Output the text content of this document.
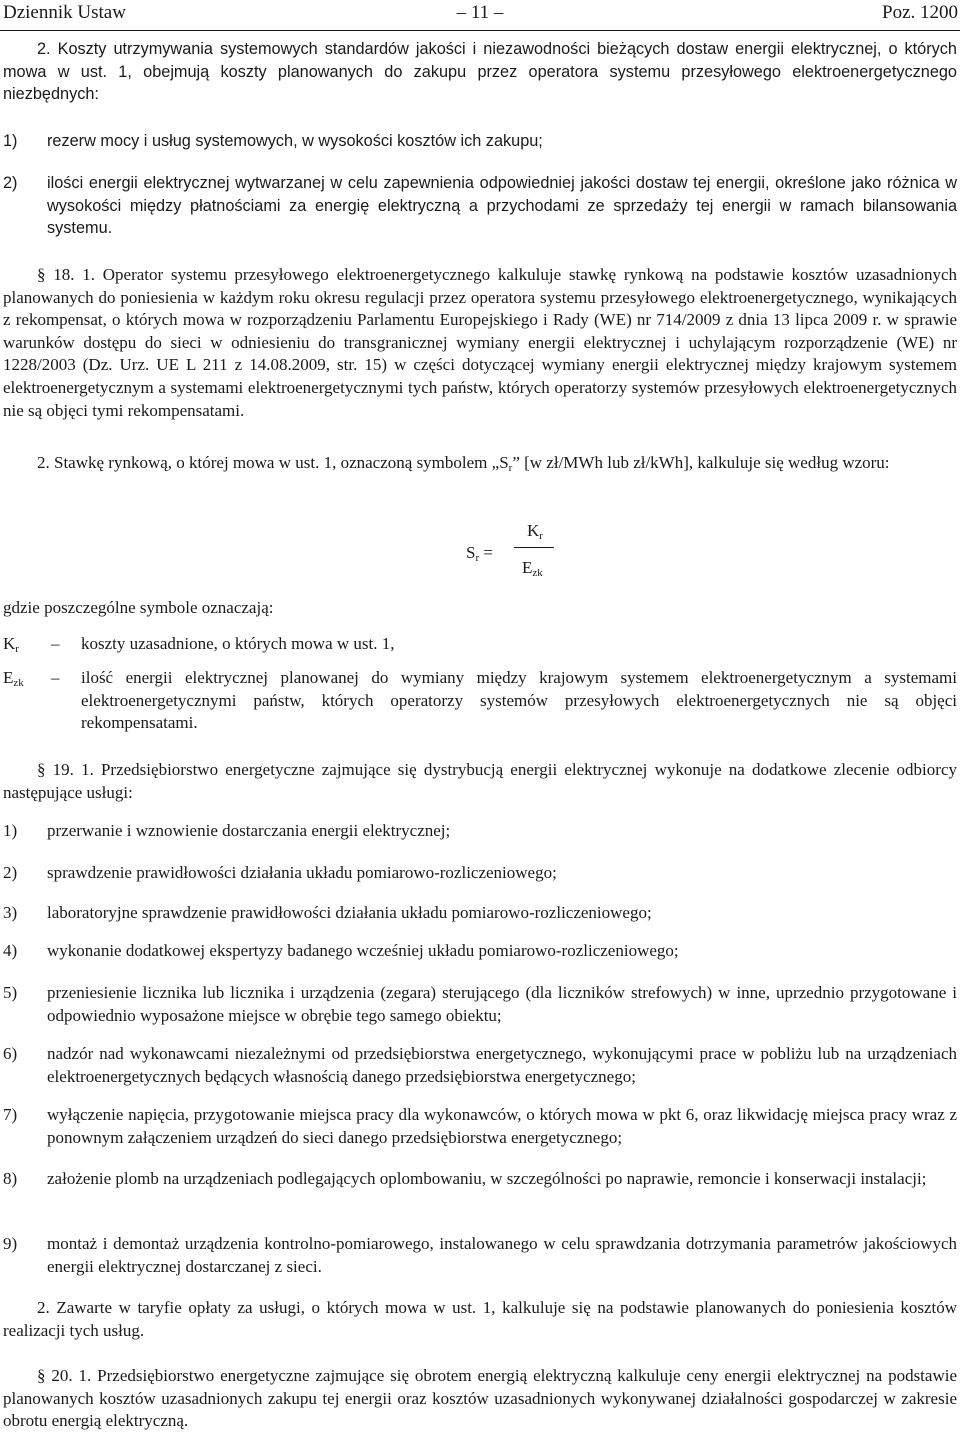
Dziennik Ustaw	– 11 –	Poz. 1200

2. Koszty utrzymywania systemowych standardów jakości i niezawodności bieżących dostaw energii elektrycznej, o których mowa w ust. 1, obejmują koszty planowanych do zakupu przez operatora systemu przesyłowego elektroenergetycznego niezbędnych:

1) rezerw mocy i usług systemowych, w wysokości kosztów ich zakupu;
2) ilości energii elektrycznej wytwarzanej w celu zapewnienia odpowiedniej jakości dostaw tej energii, określone jako różnica w wysokości między płatnościami za energię elektryczną a przychodami ze sprzedaży tej energii w ramach bilansowania systemu.

§ 18. 1. Operator systemu przesyłowego elektroenergetycznego kalkuluje stawkę rynkową na podstawie kosztów uzasadnionych planowanych do poniesienia w każdym roku okresu regulacji przez operatora systemu przesyłowego elektroenergetycznego, wynikających z rekompensat, o których mowa w rozporządzeniu Parlamentu Europejskiego i Rady (WE) nr 714/2009 z dnia 13 lipca 2009 r. w sprawie warunków dostępu do sieci w odniesieniu do transgranicznej wymiany energii elektrycznej i uchylającym rozporządzenie (WE) nr 1228/2003 (Dz. Urz. UE L 211 z 14.08.2009, str. 15) w części dotyczącej wymiany energii elektrycznej między krajowym systemem elektroenergetycznym a systemami elektroenergetycznymi tych państw, których operatorzy systemów przesyłowych elektroenergetycznych nie są objęci tymi rekompensatami.

2. Stawkę rynkową, o której mowa w ust. 1, oznaczoną symbolem $„S_r$” [w zł/MWh lub zł/kWh], kalkuluje się według wzoru:

$S_r$ =
$K_r$
$E_{zk}$

gdzie poszczególne symbole oznaczają:

$K_r$ – koszty uzasadnione, o których mowa w ust. 1,
$E_{zk}$ – ilość energii elektrycznej planowanej do wymiany między krajowym systemem elektroenergetycznym a systemami elektroenergetycznymi państw, których operatorzy systemów przesyłowych elektroenergetycznych nie są objęci rekompensatami.

§ 19. 1. Przedsiębiorstwo energetyczne zajmujące się dystrybucją energii elektrycznej wykonuje na dodatkowe zlecenie odbiorcy następujące usługi:

1) przerwanie i wznowienie dostarczania energii elektrycznej;
2) sprawdzenie prawidłowości działania układu pomiarowo-rozliczeniowego;
3) laboratoryjne sprawdzenie prawidłowości działania układu pomiarowo-rozliczeniowego;
4) wykonanie dodatkowej ekspertyzy badanego wcześniej układu pomiarowo-rozliczeniowego;
5) przeniesienie licznika lub licznika i urządzenia (zegara) sterującego (dla liczników strefowych) w inne, uprzednio przygotowane i odpowiednio wyposażone miejsce w obrębie tego samego obiektu;
6) nadzór nad wykonawcami niezależnymi od przedsiębiorstwa energetycznego, wykonującymi prace w pobliżu lub na urządzeniach elektroenergetycznych będących własnością danego przedsiębiorstwa energetycznego;
7) wyłączenie napięcia, przygotowanie miejsca pracy dla wykonawców, o których mowa w pkt 6, oraz likwidację miejsca pracy wraz z ponownym załączeniem urządzeń do sieci danego przedsiębiorstwa energetycznego;
8) założenie plomb na urządzeniach podlegających oplombowaniu, w szczególności po naprawie, remoncie i konserwacji instalacji;
9) montaż i demontaż urządzenia kontrolno-pomiarowego, instalowanego w celu sprawdzania dotrzymania parametrów jakościowych energii elektrycznej dostarczanej z sieci.

2. Zawarte w taryfie opłaty za usługi, o których mowa w ust. 1, kalkuluje się na podstawie planowanych do poniesienia kosztów realizacji tych usług.

§ 20. 1. Przedsiębiorstwo energetyczne zajmujące się obrotem energią elektryczną kalkuluje ceny energii elektrycznej na podstawie planowanych kosztów uzasadnionych zakupu tej energii oraz kosztów uzasadnionych wykonywanej działalności gospodarczej w zakresie obrotu energią elektryczną.
